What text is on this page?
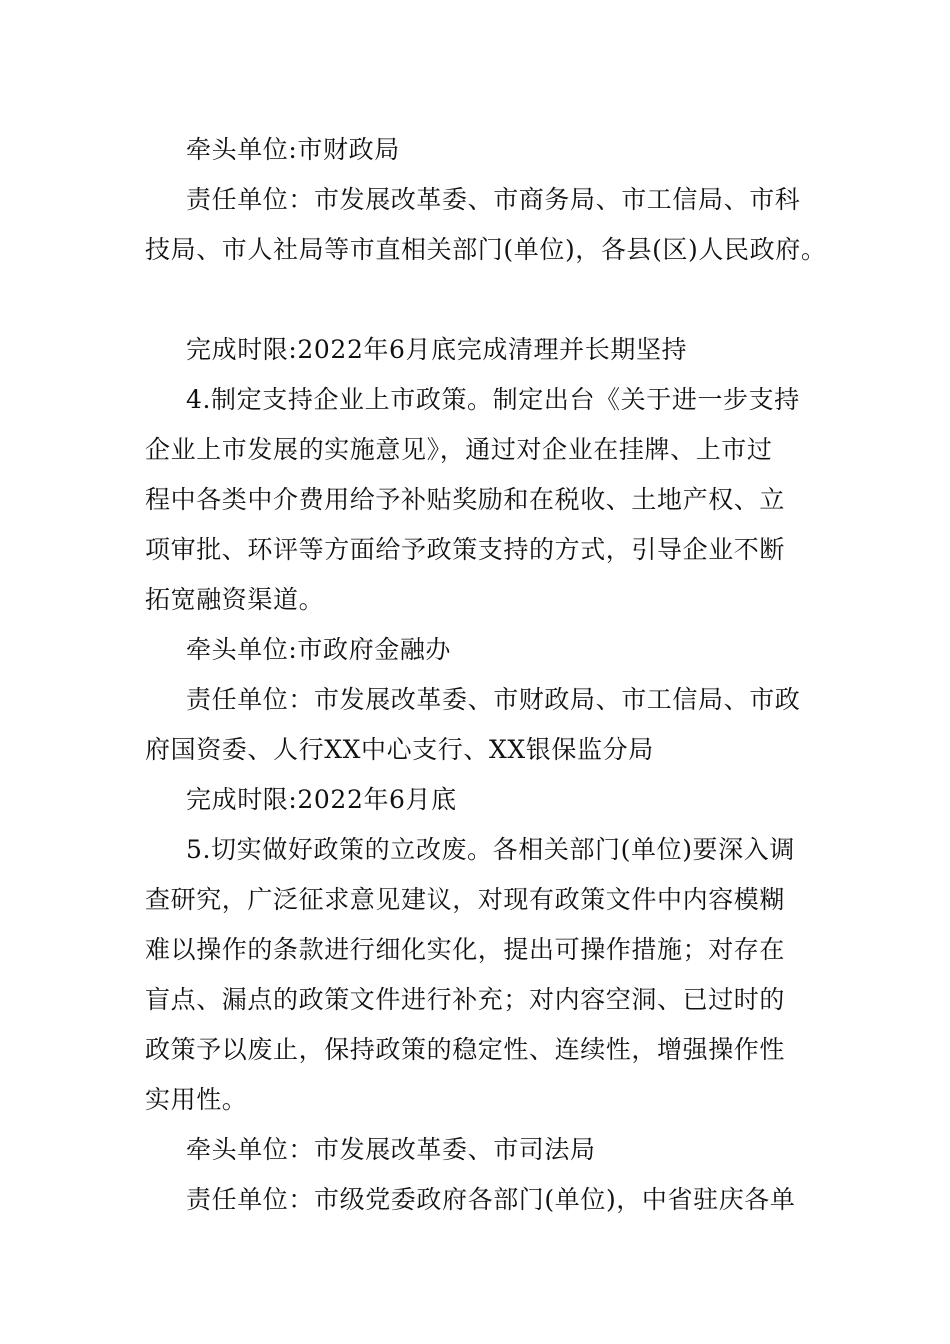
牵头单位:市财政局
责任单位：市发展改革委、市商务局、市工信局、市科
技局、市人社局等市直相关部门(单位)，各县(区)人民政府。
完成时限:2022年6月底完成清理并长期坚持
4.制定支持企业上市政策。制定出台《关于进一步支持
企业上市发展的实施意见》，通过对企业在挂牌、上市过
程中各类中介费用给予补贴奖励和在税收、土地产权、立
项审批、环评等方面给予政策支持的方式，引导企业不断
拓宽融资渠道。
牵头单位:市政府金融办
责任单位：市发展改革委、市财政局、市工信局、市政
府国资委、人行XX中心支行、XX银保监分局
完成时限:2022年6月底
5.切实做好政策的立改废。各相关部门(单位)要深入调
查研究，广泛征求意见建议，对现有政策文件中内容模糊
难以操作的条款进行细化实化，提出可操作措施；对存在
盲点、漏点的政策文件进行补充；对内容空洞、已过时的
政策予以废止，保持政策的稳定性、连续性，增强操作性
实用性。
牵头单位：市发展改革委、市司法局
责任单位：市级党委政府各部门(单位)，中省驻庆各单
